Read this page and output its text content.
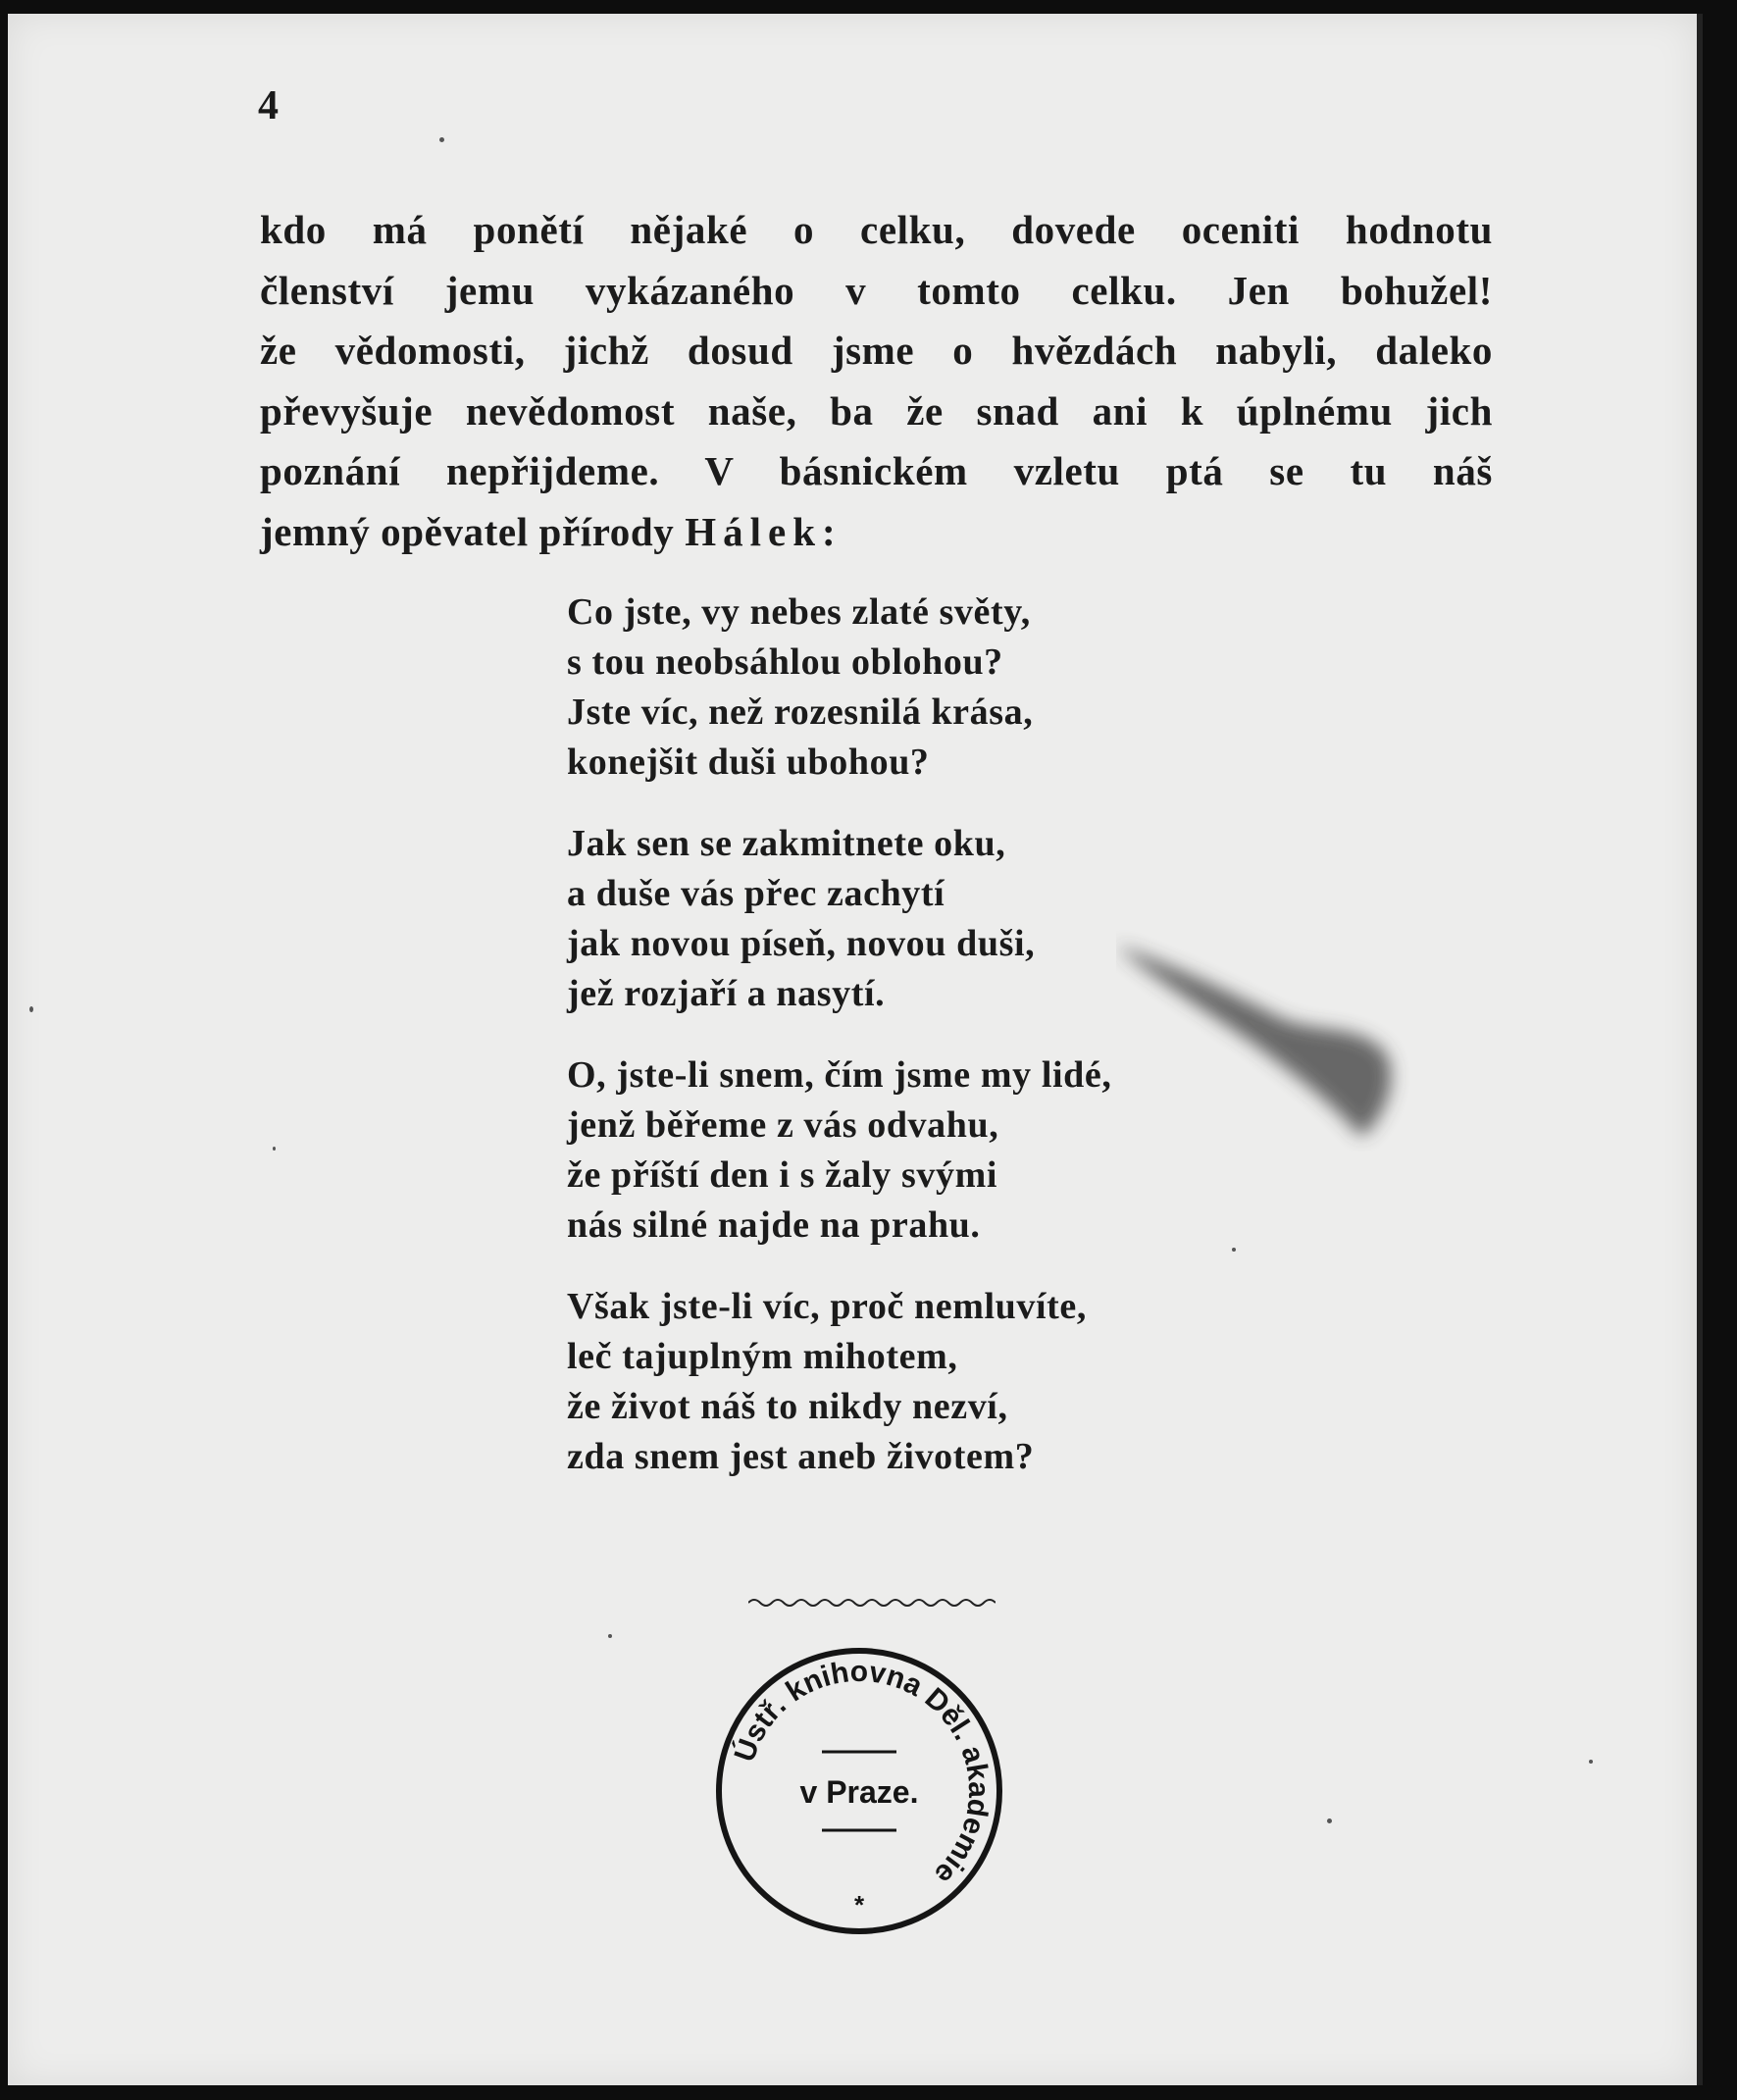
4
kdo má ponětí nějaké o celku, dovede oceniti hodnotu
členství jemu vykázaného v tomto celku. Jen bohužel!
že vědomosti, jichž dosud jsme o hvězdách nabyli, daleko
převyšuje nevědomost naše, ba že snad ani k úplnému jich
poznání nepřijdeme. V básnickém vzletu ptá se tu náš
jemný opěvatel přírody Hálek:
Co jste, vy nebes zlaté světy,
s tou neobsáhlou oblohou?
Jste víc, než rozesnilá krása,
konejšit duši ubohou?
Jak sen se zakmitnete oku,
a duše vás přec zachytí
jak novou píseň, novou duši,
jež rozjaří a nasytí.
O, jste-li snem, čím jsme my lidé,
jenž běřeme z vás odvahu,
že příští den i s žaly svými
nás silné najde na prahu.
Však jste-li víc, proč nemluvíte,
leč tajuplným mihotem,
že život náš to nikdy nezví,
zda snem jest aneb životem?
Ústř. knihovna Děl. akademie
v Praze.
*
